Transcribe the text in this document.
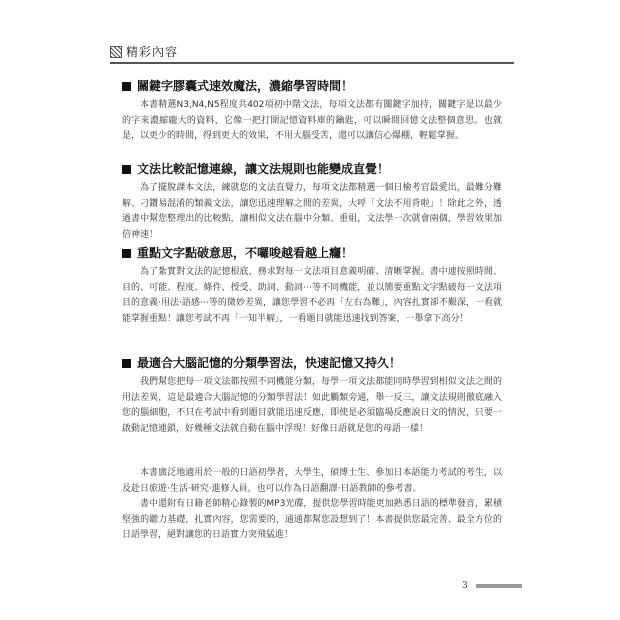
精彩內容
關鍵字膠囊式速效魔法，濃縮學習時間！

本書精選N3,N4,N5程度共402項初中階文法，每項文法都有關鍵字加持，關鍵字是以最少的字來濃縮龐大的資料，它像一把打開記憶資料庫的鑰匙，可以瞬間回憶文法整個意思。也就是，以更少的時間，得到更大的效果，不用大腦受苦，還可以讓信心爆棚，輕鬆掌握。

文法比較記憶連線，讓文法規則也能變成直覺！

為了擺脫課本文法，練就您的文法直覺力，每項文法都精選一個日檢考官最愛出，最難分難解、刁鑽易混淆的類義文法，讓您迅速理解之間的差異，大呼「文法不用背啦」！除此之外，透過書中幫您整理出的比較點，讓相似文法在腦中分類、重組，文法學一次就會兩個，學習效果加倍神速！

重點文字點破意思，不囉唆越看越上癮！

為了紮實對文法的記憶根底，務求對每一文法項目意義明確、清晰掌握。書中連按照時間、目的、可能、程度、條件、授受、助詞、動詞⋯等不同機能，並以簡要重點文字點破每一文法項目的意義·用法·語感⋯等的微妙差異，讓您學習不必再「左右為難」，內容扎實卻不艱深，一看就能掌握重點！讓您考試不再「一知半解」，一看題目就能迅速找到答案，一舉拿下高分！

最適合大腦記憶的分類學習法，快速記憶又持久！

我們幫您把每一項文法都按照不同機能分類，每學一項文法都能同時學習到相似文法之間的用法差異，這是最適合大腦記憶的分類學習法！如此觸類旁通，舉一反三，讓文法規則徹底融入您的腦細胞，不只在考試中看到題目就能迅速反應，即使是必須臨場反應說日文的情況，只要一啟動記憶連鎖，好幾種文法就自動在腦中浮現！好像日語就是您的母語一樣！

本書廣泛地適用於一般的日語初學者，大學生，碩博士生、參加日本語能力考試的考生，以及赴日旅遊·生活·研究·進修人員，也可以作為日語翻譯·日語教師的參考書。

書中還附有日籍老師精心錄製的MP3光碟，提供您學習時能更加熟悉日語的標準發音，累積堅強的聽力基礎，扎實內容，您需要的，通通都幫您設想到了！本書提供您最完善、最全方位的日語學習，絕對讓您的日語實力突飛猛進！

3
